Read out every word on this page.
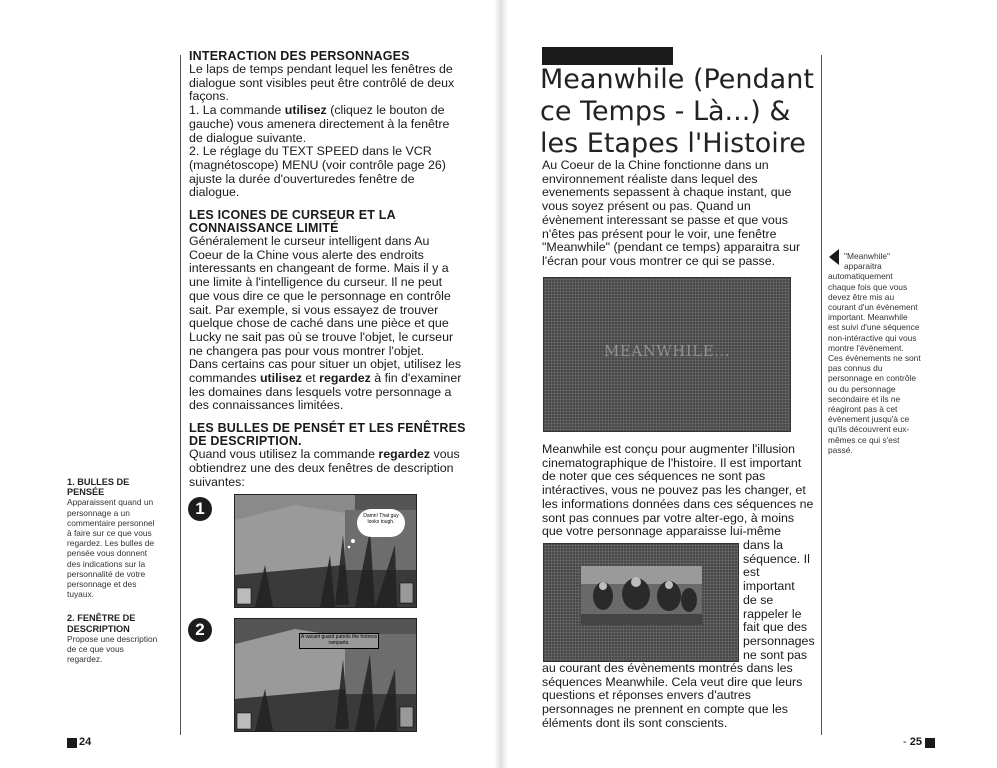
INTERACTION DES PERSONNAGES
Le laps de temps pendant lequel les fenêtres de
dialogue sont visibles peut être contrôlé de deux
façons.
1. La commande utilisez (cliquez le bouton de
gauche) vous amenera directement à la fenêtre
de dialogue suivante.
2. Le réglage du TEXT SPEED dans le VCR
(magnétoscope) MENU (voir contrôle page 26)
ajuste la durée d'ouverturedes fenêtre de
dialogue.
LES ICONES DE CURSEUR ET LA
CONNAISSANCE LIMITÉ
Généralement le curseur intelligent dans Au
Coeur de la Chine vous alerte des endroits
interessants en changeant de forme. Mais il y a
une limite à l'intelligence du curseur. Il ne peut
que vous dire ce que le personnage en contrôle
sait. Par exemple, si vous essayez de trouver
quelque chose de caché dans une pièce et que
Lucky ne sait pas où se trouve l'objet, le curseur
ne changera pas pour vous montrer l'objet.
Dans certains cas pour situer un objet, utilisez les
commandes utilisez et regardez à fin d'examiner
les domaines dans lesquels votre personnage a
des connaissances limitées.
LES BULLES DE PENSÉT ET LES FENÊTRES
DE DESCRIPTION.
Quand vous utilisez la commande regardez vous
obtiendrez une des deux fenêtres de description
suivantes:
1. BULLES DE
PENSÉE
Apparaissent quand un
personnage a un
commentaire personnel
à faire sur ce que vous
regardez. Les bulles de
pensée vous donnent
des indications sur la
personnalité de votre
personnage et des
tuyaux.
2. FENÊTRE DE
DESCRIPTION
Propose une description
de ce que vous
regardez.
1
2
Damn! That guy looks tough.
A vacant guard patrols the fortress ramparts.
24
Meanwhile (Pendant
ce Temps - Là...) &
les Etapes l'Histoire
Au Coeur de la Chine fonctionne dans un
environnement réaliste dans lequel des
evenements sepassent à chaque instant, que
vous soyez présent ou pas. Quand un
évènement interessant se passe et que vous
n'êtes pas présent pour le voir, une fenêtre
"Meanwhile" (pendant ce temps) apparaitra sur
l'écran pour vous montrer ce qui se passe.
MEANWHILE...
Meanwhile est conçu pour augmenter l'illusion
cinematographique de l'histoire. Il est important
de noter que ces séquences ne sont pas
intéractives, vous ne pouvez pas les changer, et
les informations données dans ces séquences ne
sont pas connues par votre alter-ego, à moins
que votre personnage apparaisse lui-même
dans la
séquence. Il
est
important
de se
rappeler le
fait que des
personnages
ne sont pas
au courant des évènements montrés dans les
séquences Meanwhile. Cela veut dire que leurs
questions et réponses envers d'autres
personnages ne prennent en compte que les
éléments dont ils sont conscients.
"Meanwhile"
apparaitra
automatiquement
chaque fois que vous
devez être mis au
courant d'un évènement
important. Meanwhile
est suivi d'une séquence
non-intéractive qui vous
montre l'évènement.
Ces évènements ne sont
pas connus du
personnage en contrôle
ou du personnage
secondaire et ils ne
réagiront pas à cet
évènement jusqu'à ce
qu'ils découvrent eux-
mêmes ce qui s'est
passé.
- 25
